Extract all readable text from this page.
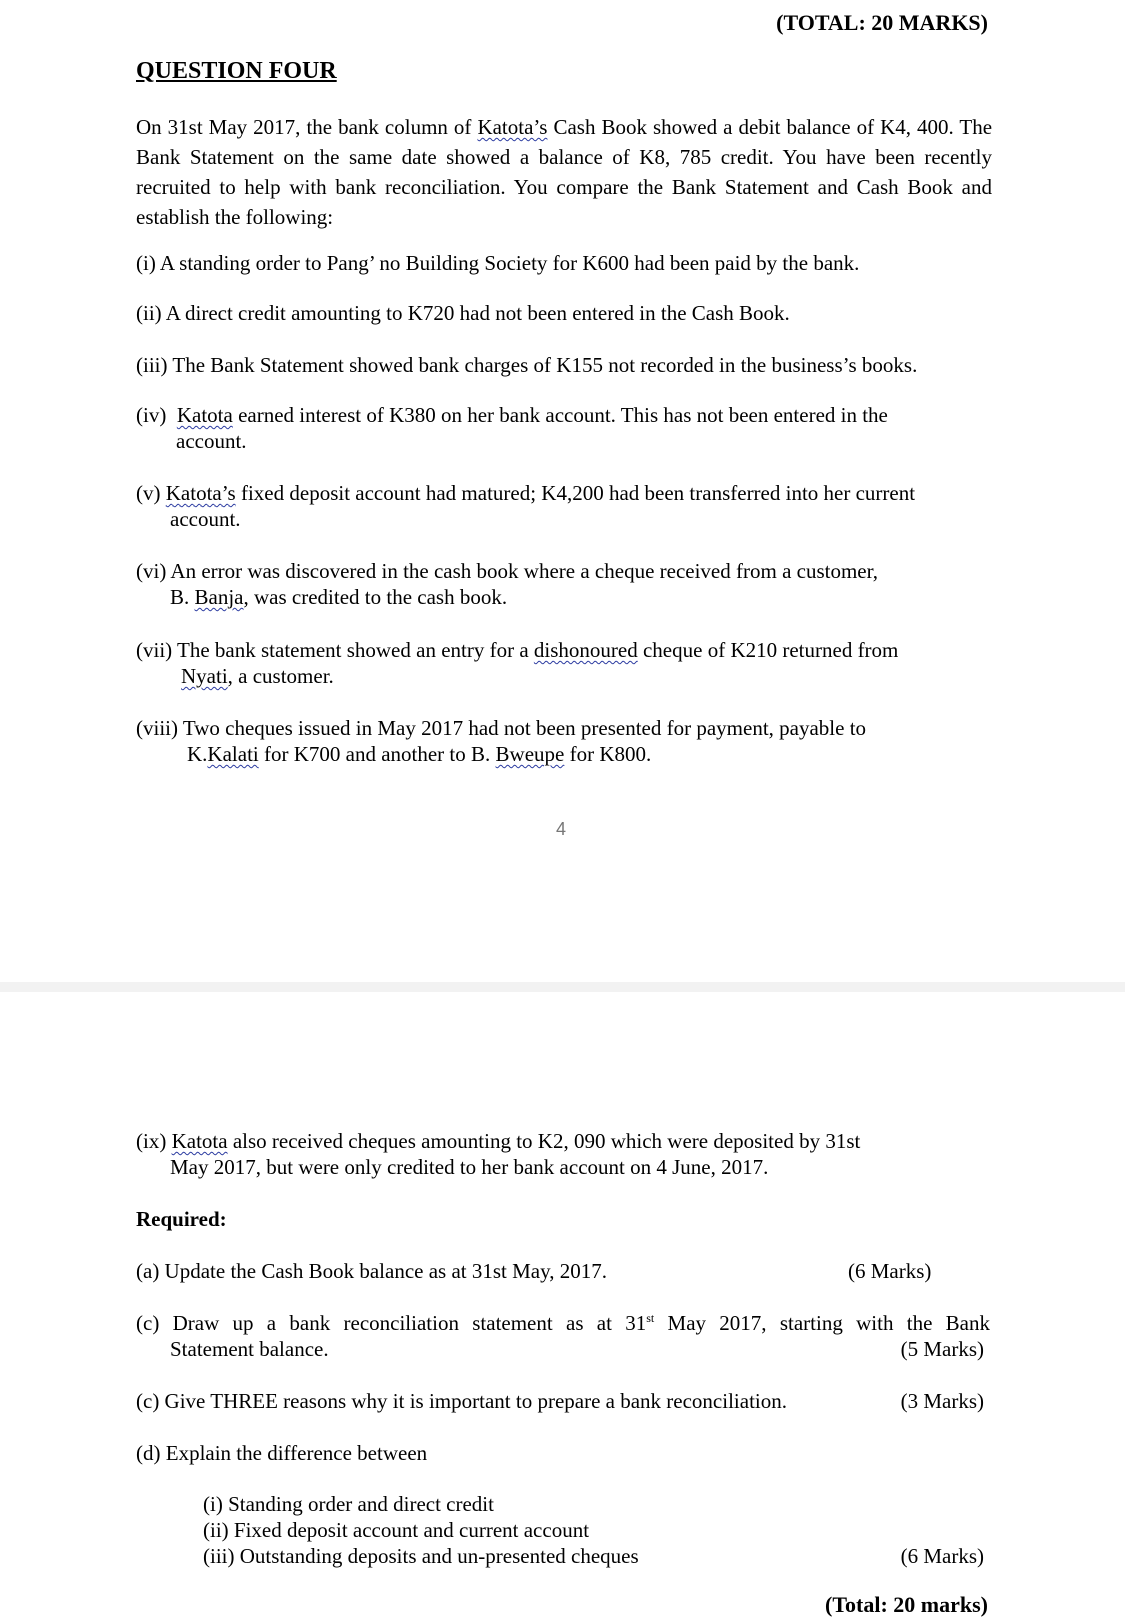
(TOTAL: 20 MARKS)
QUESTION FOUR
On 31st May 2017, the bank column of Katota’s Cash Book showed a debit balance of K4, 400. The Bank Statement on the same date showed a balance of K8, 785 credit. You have been recently recruited to help with bank reconciliation. You compare the Bank Statement and Cash Book and establish the following:
(i) A standing order to Pang’ no Building Society for K600 had been paid by the bank.
(ii) A direct credit amounting to K720 had not been entered in the Cash Book.
(iii) The Bank Statement showed bank charges of K155 not recorded in the business’s books.
(iv) Katota earned interest of K380 on her bank account. This has not been entered in the
account.
(v) Katota’s fixed deposit account had matured; K4,200 had been transferred into her current
account.
(vi) An error was discovered in the cash book where a cheque received from a customer,
B. Banja, was credited to the cash book.
(vii) The bank statement showed an entry for a dishonoured cheque of K210 returned from
Nyati, a customer.
(viii) Two cheques issued in May 2017 had not been presented for payment, payable to
K.Kalati for K700 and another to B. Bweupe for K800.
4
(ix) Katota also received cheques amounting to K2, 090 which were deposited by 31st
May 2017, but were only credited to her bank account on 4 June, 2017.
Required:
(a) Update the Cash Book balance as at 31st May, 2017.	(6 Marks)
(c) Draw up a bank reconciliation statement as at 31st May 2017, starting with the Bank
Statement balance.	(5 Marks)
(c) Give THREE reasons why it is important to prepare a bank reconciliation.	(3 Marks)
(d) Explain the difference between
(i) Standing order and direct credit
(ii) Fixed deposit account and current account
(iii) Outstanding deposits and un-presented cheques	(6 Marks)
(Total: 20 marks)
